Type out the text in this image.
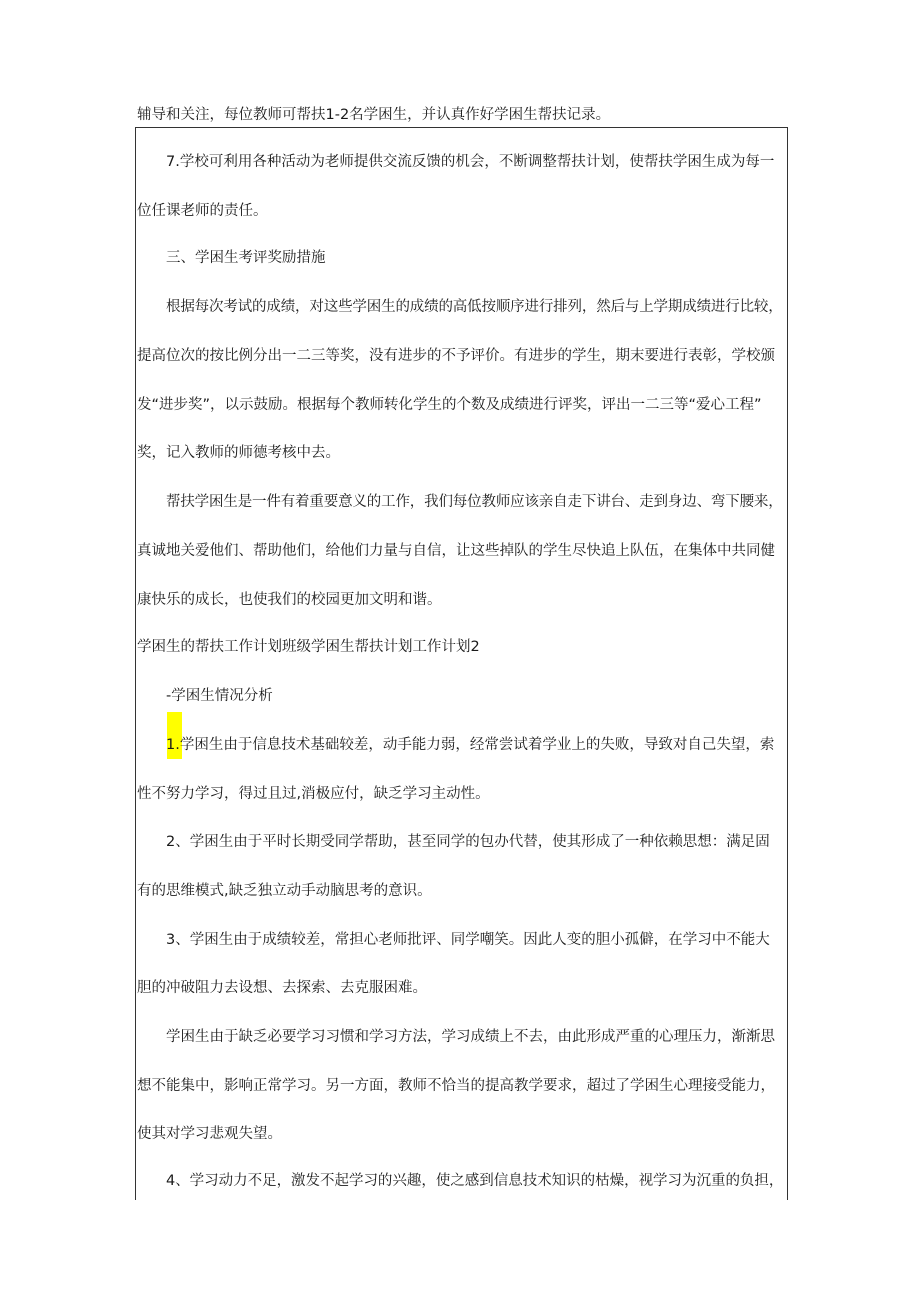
辅导和关注，每位教师可帮扶1-2名学困生，并认真作好学困生帮扶记录。
7.学校可利用各种活动为老师提供交流反馈的机会，不断调整帮扶计划，使帮扶学困生成为每一
位任课老师的责任。
三、学困生考评奖励措施
根据每次考试的成绩，对这些学困生的成绩的高低按顺序进行排列，然后与上学期成绩进行比较，
提高位次的按比例分出一二三等奖，没有进步的不予评价。有进步的学生，期末要进行表彰，学校颁
发“进步奖”，以示鼓励。根据每个教师转化学生的个数及成绩进行评奖，评出一二三等“爱心工程”
奖，记入教师的师德考核中去。
帮扶学困生是一件有着重要意义的工作，我们每位教师应该亲自走下讲台、走到身边、弯下腰来，
真诚地关爱他们、帮助他们，给他们力量与自信，让这些掉队的学生尽快追上队伍，在集体中共同健
康快乐的成长，也使我们的校园更加文明和谐。
学困生的帮扶工作计划班级学困生帮扶计划工作计划2
-学困生情况分析
1.学困生由于信息技术基础较差，动手能力弱，经常尝试着学业上的失败，导致对自己失望，索
性不努力学习，得过且过,消极应付，缺乏学习主动性。
2、学困生由于平时长期受同学帮助，甚至同学的包办代替，使其形成了一种依赖思想：满足固
有的思维模式,缺乏独立动手动脑思考的意识。
3、学困生由于成绩较差，常担心老师批评、同学嘲笑。因此人变的胆小孤僻，在学习中不能大
胆的冲破阻力去设想、去探索、去克服困难。
学困生由于缺乏必要学习习惯和学习方法，学习成绩上不去，由此形成严重的心理压力，渐渐思
想不能集中，影响正常学习。另一方面，教师不恰当的提高教学要求，超过了学困生心理接受能力，
使其对学习悲观失望。
4、学习动力不足，激发不起学习的兴趣，使之感到信息技术知识的枯燥，视学习为沉重的负担，
